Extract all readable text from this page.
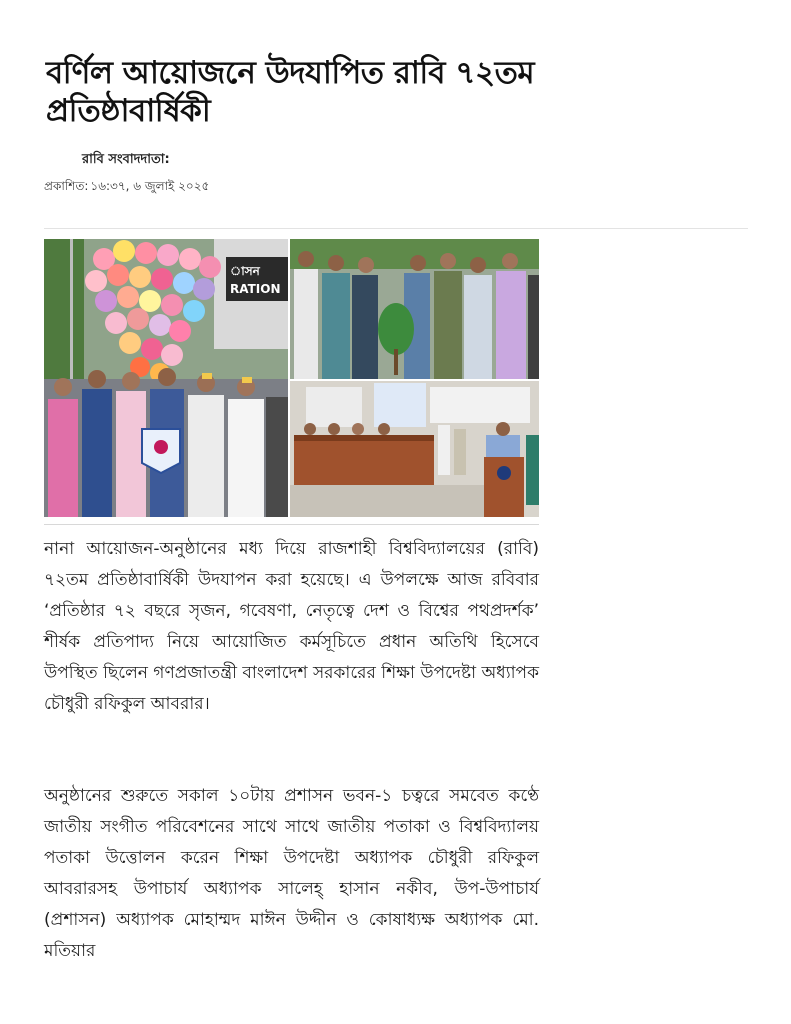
বর্ণিল আয়োজনে উদযাপিত রাবি ৭২তম প্রতিষ্ঠাবার্ষিকী
রাবি সংবাদদাতা:
প্রকাশিত: ১৬:৩৭, ৬ জুলাই ২০২৫
RATION
াসন

নানা আয়োজন-অনুষ্ঠানের মধ্য দিয়ে রাজশাহী বিশ্ববিদ্যালয়ের (রাবি) ৭২তম প্রতিষ্ঠাবার্ষিকী উদযাপন করা হয়েছে। এ উপলক্ষে আজ রবিবার ‘প্রতিষ্ঠার ৭২ বছরে সৃজন, গবেষণা, নেতৃত্বে দেশ ও বিশ্বের পথপ্রদর্শক’ শীর্ষক প্রতিপাদ্য নিয়ে আয়োজিত কর্মসূচিতে প্রধান অতিথি হিসেবে উপস্থিত ছিলেন গণপ্রজাতন্ত্রী বাংলাদেশ সরকারের শিক্ষা উপদেষ্টা অধ্যাপক চৌধুরী রফিকুল আবরার।

অনুষ্ঠানের শুরুতে সকাল ১০টায় প্রশাসন ভবন-১ চত্বরে সমবেত কণ্ঠে জাতীয় সংগীত পরিবেশনের সাথে সাথে জাতীয় পতাকা ও বিশ্ববিদ্যালয় পতাকা উত্তোলন করেন শিক্ষা উপদেষ্টা অধ্যাপক চৌধুরী রফিকুল আবরারসহ উপাচার্য অধ্যাপক সালেহ্ হাসান নকীব, উপ-উপাচার্য (প্রশাসন) অধ্যাপক মোহাম্মদ মাঈন উদ্দীন ও কোষাধ্যক্ষ অধ্যাপক মো. মতিয়ার
